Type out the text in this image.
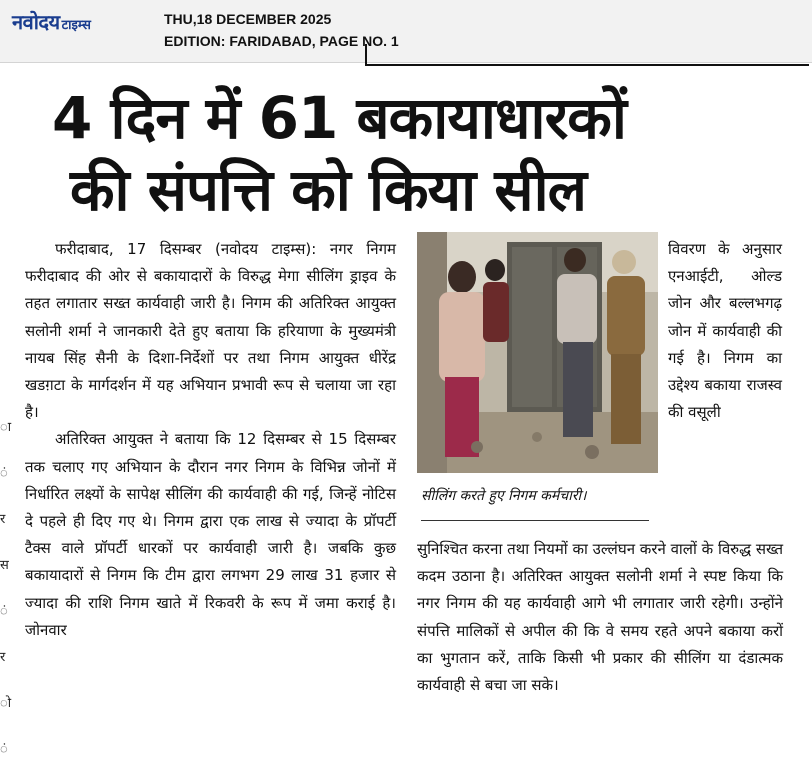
नवोदय टाइम्स	THU,18 DECEMBER 2025
EDITION: FARIDABAD, PAGE NO. 1
4 दिन में 61 बकायाधारकों
की संपत्ति को किया सील
ा
ं
र
स
ं
र
ो
ं

फरीदाबाद, 17 दिसम्बर (नवोदय टाइम्स): नगर निगम फरीदाबाद की ओर से बकायादारों के विरुद्ध मेगा सीलिंग ड्राइव के तहत लगातार सख्त कार्यवाही जारी है। निगम की अतिरिक्त आयुक्त सलोनी शर्मा ने जानकारी देते हुए बताया कि हरियाणा के मुख्यमंत्री नायब सिंह सैनी के दिशा-निर्देशों पर तथा निगम आयुक्त धीरेंद्र खडग़टा के मार्गदर्शन में यह अभियान प्रभावी रूप से चलाया जा रहा है।

अतिरिक्त आयुक्त ने बताया कि 12 दिसम्बर से 15 दिसम्बर तक चलाए गए अभियान के दौरान नगर निगम के विभिन्न जोनों में निर्धारित लक्ष्यों के सापेक्ष सीलिंग की कार्यवाही की गई, जिन्हें नोटिस दे पहले ही दिए गए थे। निगम द्वारा एक लाख से ज्यादा के प्रॉपर्टी टैक्स वाले प्रॉपर्टी धारकों पर कार्यवाही जारी है। जबकि कुछ बकायादारों से निगम कि टीम द्वारा लगभग 29 लाख 31 हजार से ज्यादा की राशि निगम खाते में रिकवरी के रूप में जमा कराई है। जोनवार

सीलिंग करते हुए निगम कर्मचारी।

विवरण के अनुसार एनआईटी, ओल्ड जोन और बल्लभगढ़ जोन में कार्यवाही की गई है। निगम का उद्देश्य बकाया राजस्व की वसूली

सुनिश्चित करना तथा नियमों का उल्लंघन करने वालों के विरुद्ध सख्त कदम उठाना है। अतिरिक्त आयुक्त सलोनी शर्मा ने स्पष्ट किया कि नगर निगम की यह कार्यवाही आगे भी लगातार जारी रहेगी। उन्होंने संपत्ति मालिकों से अपील की कि वे समय रहते अपने बकाया करों का भुगतान करें, ताकि किसी भी प्रकार की सीलिंग या दंडात्मक कार्यवाही से बचा जा सके।
